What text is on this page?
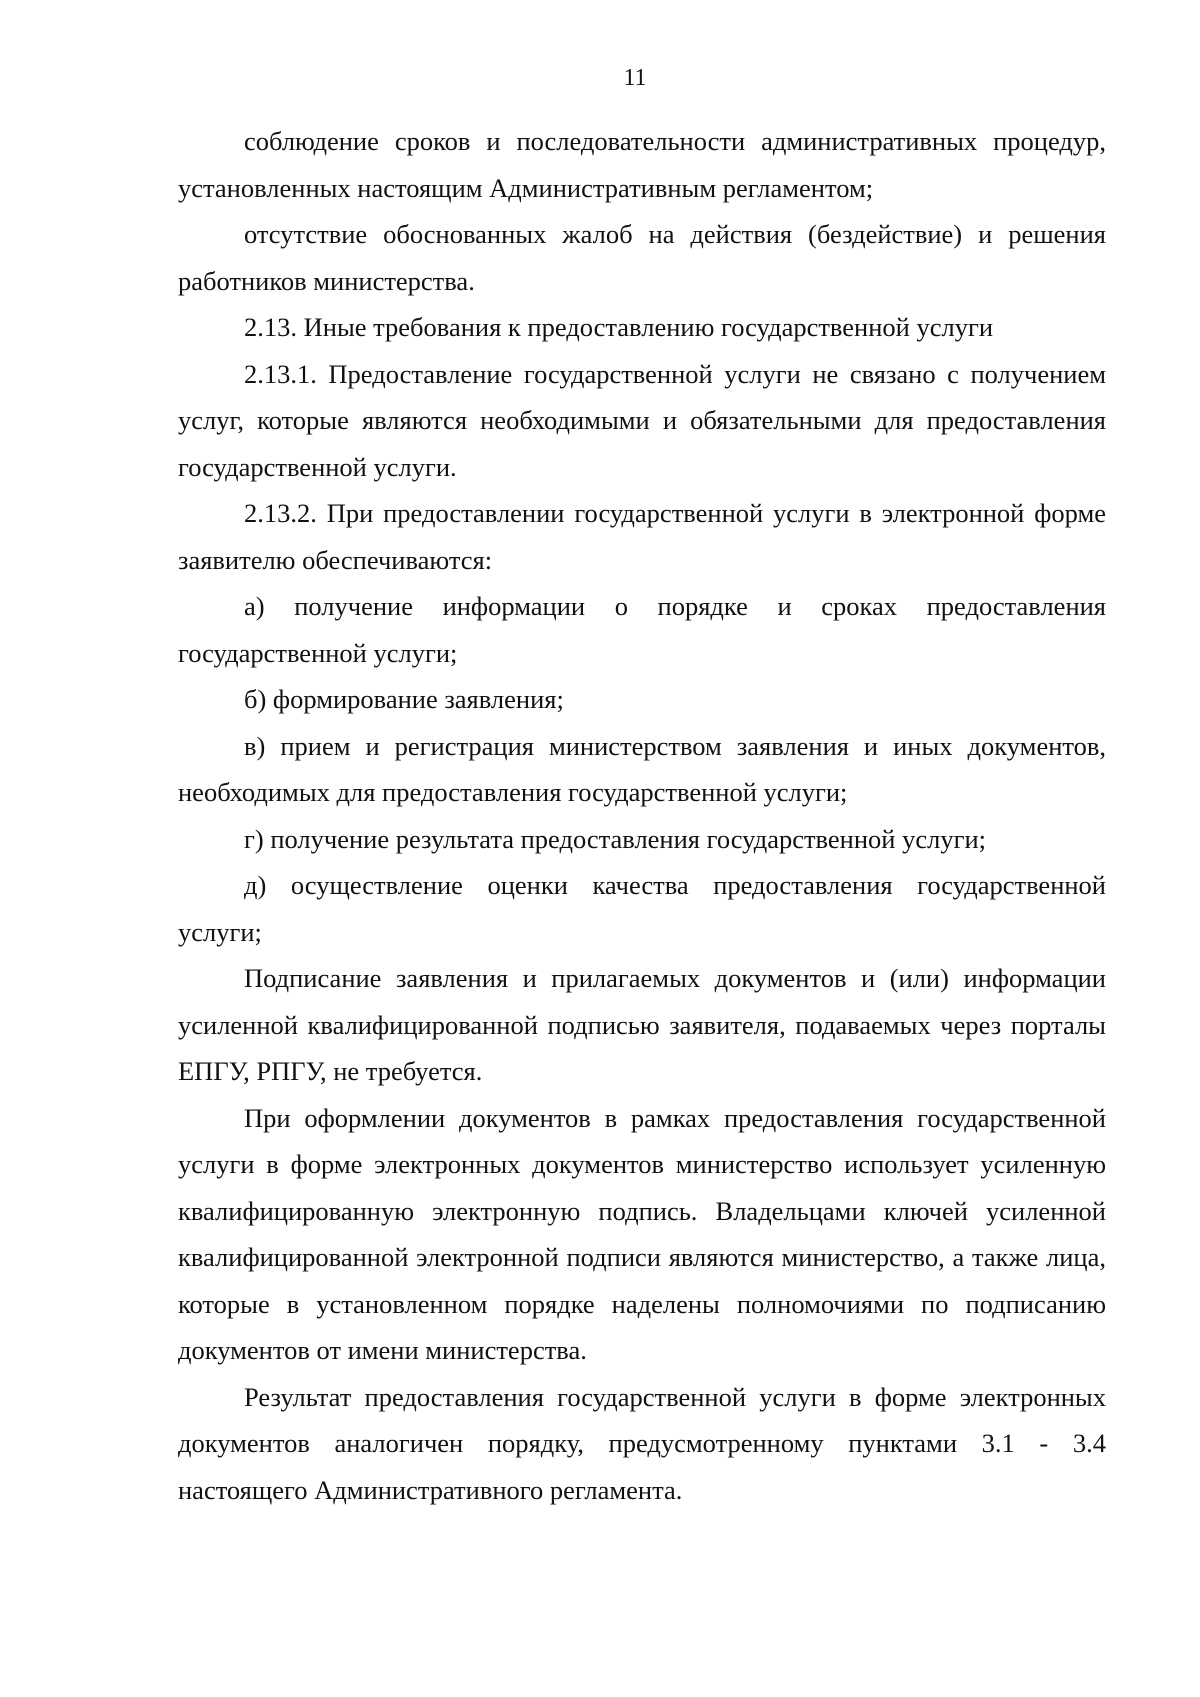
11

соблюдение сроков и последовательности административных процедур, установленных настоящим Административным регламентом;

отсутствие обоснованных жалоб на действия (бездействие) и решения работников министерства.

2.13. Иные требования к предоставлению государственной услуги

2.13.1. Предоставление государственной услуги не связано с получением услуг, которые являются необходимыми и обязательными для предоставления государственной услуги.

2.13.2. При предоставлении государственной услуги в электронной форме заявителю обеспечиваются:

а) получение информации о порядке и сроках предоставления государственной услуги;

б) формирование заявления;

в) прием и регистрация министерством заявления и иных документов, необходимых для предоставления государственной услуги;

г) получение результата предоставления государственной услуги;

д) осуществление оценки качества предоставления государственной услуги;

Подписание заявления и прилагаемых документов и (или) информации усиленной квалифицированной подписью заявителя, подаваемых через порталы ЕПГУ, РПГУ, не требуется.

При оформлении документов в рамках предоставления государственной услуги в форме электронных документов министерство использует усиленную квалифицированную электронную подпись. Владельцами ключей усиленной квалифицированной электронной подписи являются министерство, а также лица, которые в установленном порядке наделены полномочиями по подписанию документов от имени министерства.

Результат предоставления государственной услуги в форме электронных документов аналогичен порядку, предусмотренному пунктами 3.1 - 3.4 настоящего Административного регламента.
